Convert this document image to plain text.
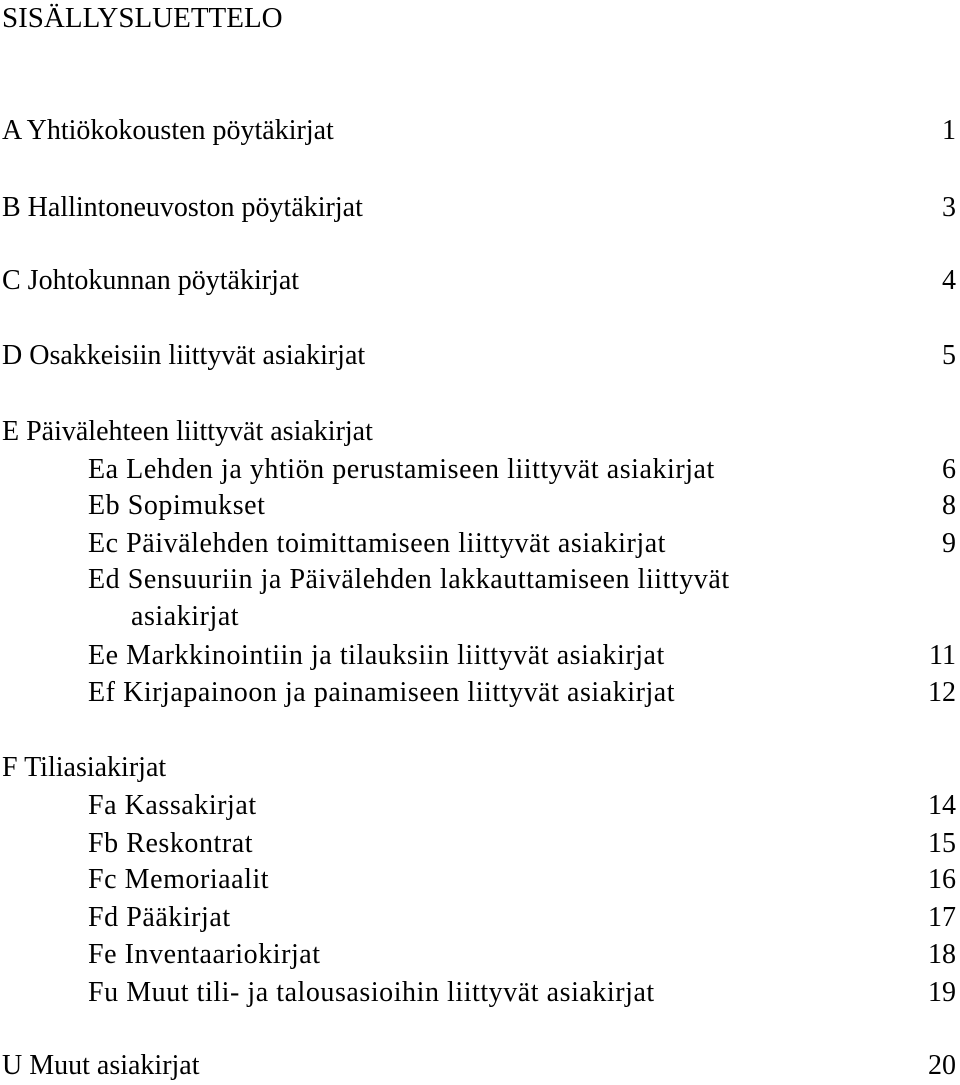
SISÄLLYSLUETTELO
A Yhtiökokousten pöytäkirjat	1
B Hallintoneuvoston pöytäkirjat	3
C Johtokunnan pöytäkirjat	4
D Osakkeisiin liittyvät asiakirjat	5
E Päivälehteen liittyvät asiakirjat
Ea Lehden ja yhtiön perustamiseen liittyvät asiakirjat	6
Eb Sopimukset	8
Ec Päivälehden toimittamiseen liittyvät asiakirjat	9
Ed Sensuuriin ja Päivälehden lakkauttamiseen liittyvät
asiakirjat
Ee Markkinointiin ja tilauksiin liittyvät asiakirjat	11
Ef Kirjapainoon ja painamiseen liittyvät asiakirjat	12
F Tiliasiakirjat
Fa Kassakirjat	14
Fb Reskontrat	15
Fc Memoriaalit	16
Fd Pääkirjat	17
Fe Inventaariokirjat	18
Fu Muut tili- ja talousasioihin liittyvät asiakirjat	19
U Muut asiakirjat	20
